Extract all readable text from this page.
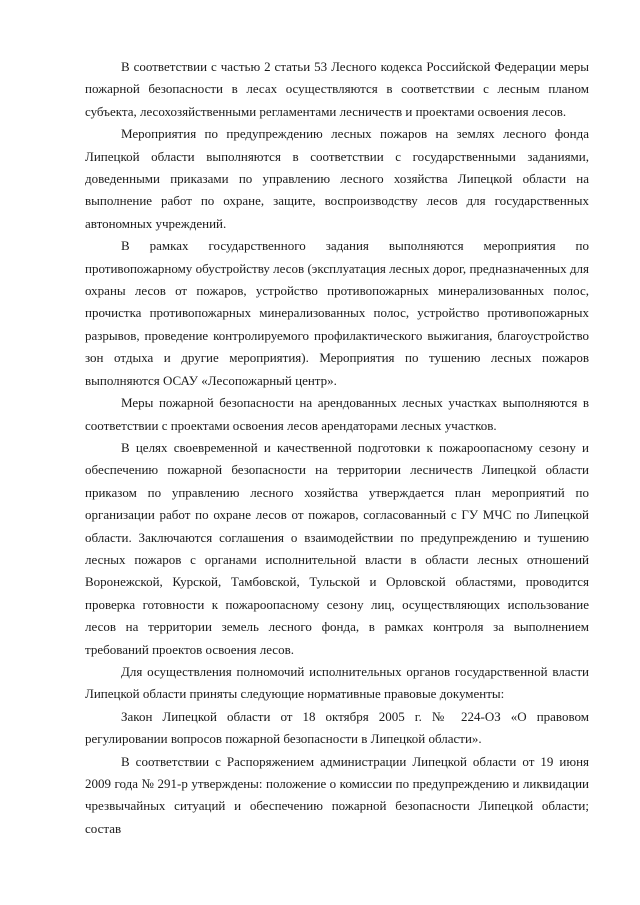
В соответствии с частью 2 статьи 53 Лесного кодекса Российской Федерации меры пожарной безопасности в лесах осуществляются в соответствии с лесным планом субъекта, лесохозяйственными регламентами лесничеств и проектами освоения лесов.

Мероприятия по предупреждению лесных пожаров на землях лесного фонда Липецкой области выполняются в соответствии с государственными заданиями, доведенными приказами по управлению лесного хозяйства Липецкой области на выполнение работ по охране, защите, воспроизводству лесов для государственных автономных учреждений.

В рамках государственного задания выполняются мероприятия по противопожарному обустройству лесов (эксплуатация лесных дорог, предназначенных для охраны лесов от пожаров, устройство противопожарных минерализованных полос, прочистка противопожарных минерализованных полос, устройство противопожарных разрывов, проведение контролируемого профилактического выжигания, благоустройство зон отдыха и другие мероприятия). Мероприятия по тушению лесных пожаров выполняются ОСАУ «Лесопожарный центр».

Меры пожарной безопасности на арендованных лесных участках выполняются в соответствии с проектами освоения лесов арендаторами лесных участков.

В целях своевременной и качественной подготовки к пожароопасному сезону и обеспечению пожарной безопасности на территории лесничеств Липецкой области приказом по управлению лесного хозяйства утверждается план мероприятий по организации работ по охране лесов от пожаров, согласованный с ГУ МЧС по Липецкой области. Заключаются соглашения о взаимодействии по предупреждению и тушению лесных пожаров с органами исполнительной власти в области лесных отношений Воронежской, Курской, Тамбовской, Тульской и Орловской областями, проводится проверка готовности к пожароопасному сезону лиц, осуществляющих использование лесов на территории земель лесного фонда, в рамках контроля за выполнением требований проектов освоения лесов.

Для осуществления полномочий исполнительных органов государственной власти Липецкой области приняты следующие нормативные правовые документы:

Закон Липецкой области от 18 октября 2005 г. № 224-ОЗ «О правовом регулировании вопросов пожарной безопасности в Липецкой области».

В соответствии с Распоряжением администрации Липецкой области от 19 июня 2009 года № 291-р утверждены: положение о комиссии по предупреждению и ликвидации чрезвычайных ситуаций и обеспечению пожарной безопасности Липецкой области; состав
